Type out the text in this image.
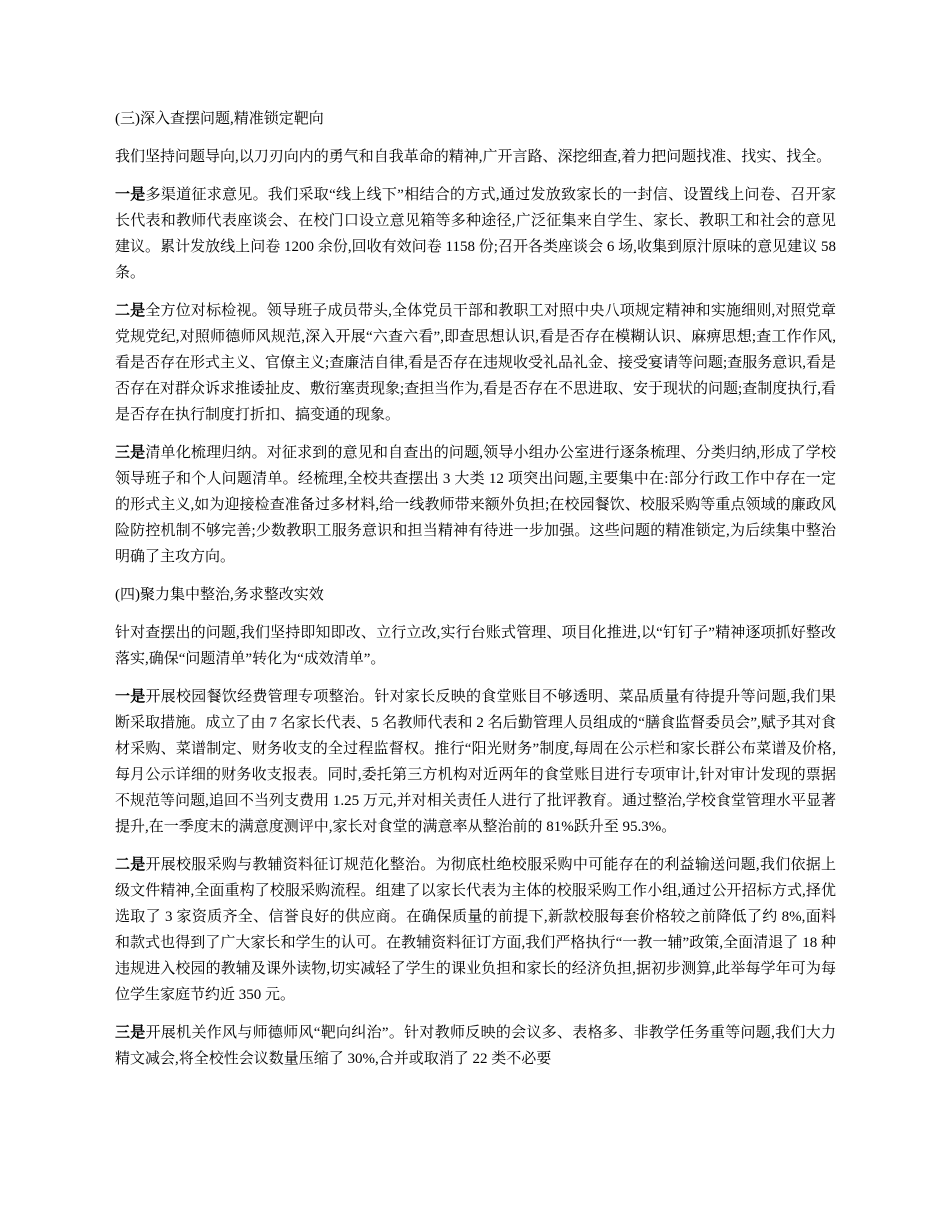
(三)深入查摆问题,精准锁定靶向

我们坚持问题导向,以刀刃向内的勇气和自我革命的精神,广开言路、深挖细查,着力把问题找准、找实、找全。

一是多渠道征求意见。我们采取“线上线下”相结合的方式,通过发放致家长的一封信、设置线上问卷、召开家长代表和教师代表座谈会、在校门口设立意见箱等多种途径,广泛征集来自学生、家长、教职工和社会的意见建议。累计发放线上问卷 1200 余份,回收有效问卷 1158 份;召开各类座谈会 6 场,收集到原汁原味的意见建议 58 条。

二是全方位对标检视。领导班子成员带头,全体党员干部和教职工对照中央八项规定精神和实施细则,对照党章党规党纪,对照师德师风规范,深入开展“六查六看”,即查思想认识,看是否存在模糊认识、麻痹思想;查工作作风,看是否存在形式主义、官僚主义;查廉洁自律,看是否存在违规收受礼品礼金、接受宴请等问题;查服务意识,看是否存在对群众诉求推诿扯皮、敷衍塞责现象;查担当作为,看是否存在不思进取、安于现状的问题;查制度执行,看是否存在执行制度打折扣、搞变通的现象。

三是清单化梳理归纳。对征求到的意见和自查出的问题,领导小组办公室进行逐条梳理、分类归纳,形成了学校领导班子和个人问题清单。经梳理,全校共查摆出 3 大类 12 项突出问题,主要集中在:部分行政工作中存在一定的形式主义,如为迎接检查准备过多材料,给一线教师带来额外负担;在校园餐饮、校服采购等重点领域的廉政风险防控机制不够完善;少数教职工服务意识和担当精神有待进一步加强。这些问题的精准锁定,为后续集中整治明确了主攻方向。

(四)聚力集中整治,务求整改实效

针对查摆出的问题,我们坚持即知即改、立行立改,实行台账式管理、项目化推进,以“钉钉子”精神逐项抓好整改落实,确保“问题清单”转化为“成效清单”。

一是开展校园餐饮经费管理专项整治。针对家长反映的食堂账目不够透明、菜品质量有待提升等问题,我们果断采取措施。成立了由 7 名家长代表、5 名教师代表和 2 名后勤管理人员组成的“膳食监督委员会”,赋予其对食材采购、菜谱制定、财务收支的全过程监督权。推行“阳光财务”制度,每周在公示栏和家长群公布菜谱及价格,每月公示详细的财务收支报表。同时,委托第三方机构对近两年的食堂账目进行专项审计,针对审计发现的票据不规范等问题,追回不当列支费用 1.25 万元,并对相关责任人进行了批评教育。通过整治,学校食堂管理水平显著提升,在一季度末的满意度测评中,家长对食堂的满意率从整治前的 81%跃升至 95.3%。

二是开展校服采购与教辅资料征订规范化整治。为彻底杜绝校服采购中可能存在的利益输送问题,我们依据上级文件精神,全面重构了校服采购流程。组建了以家长代表为主体的校服采购工作小组,通过公开招标方式,择优选取了 3 家资质齐全、信誉良好的供应商。在确保质量的前提下,新款校服每套价格较之前降低了约 8%,面料和款式也得到了广大家长和学生的认可。在教辅资料征订方面,我们严格执行“一教一辅”政策,全面清退了 18 种违规进入校园的教辅及课外读物,切实减轻了学生的课业负担和家长的经济负担,据初步测算,此举每学年可为每位学生家庭节约近 350 元。

三是开展机关作风与师德师风“靶向纠治”。针对教师反映的会议多、表格多、非教学任务重等问题,我们大力精文减会,将全校性会议数量压缩了 30%,合并或取消了 22 类不必要
